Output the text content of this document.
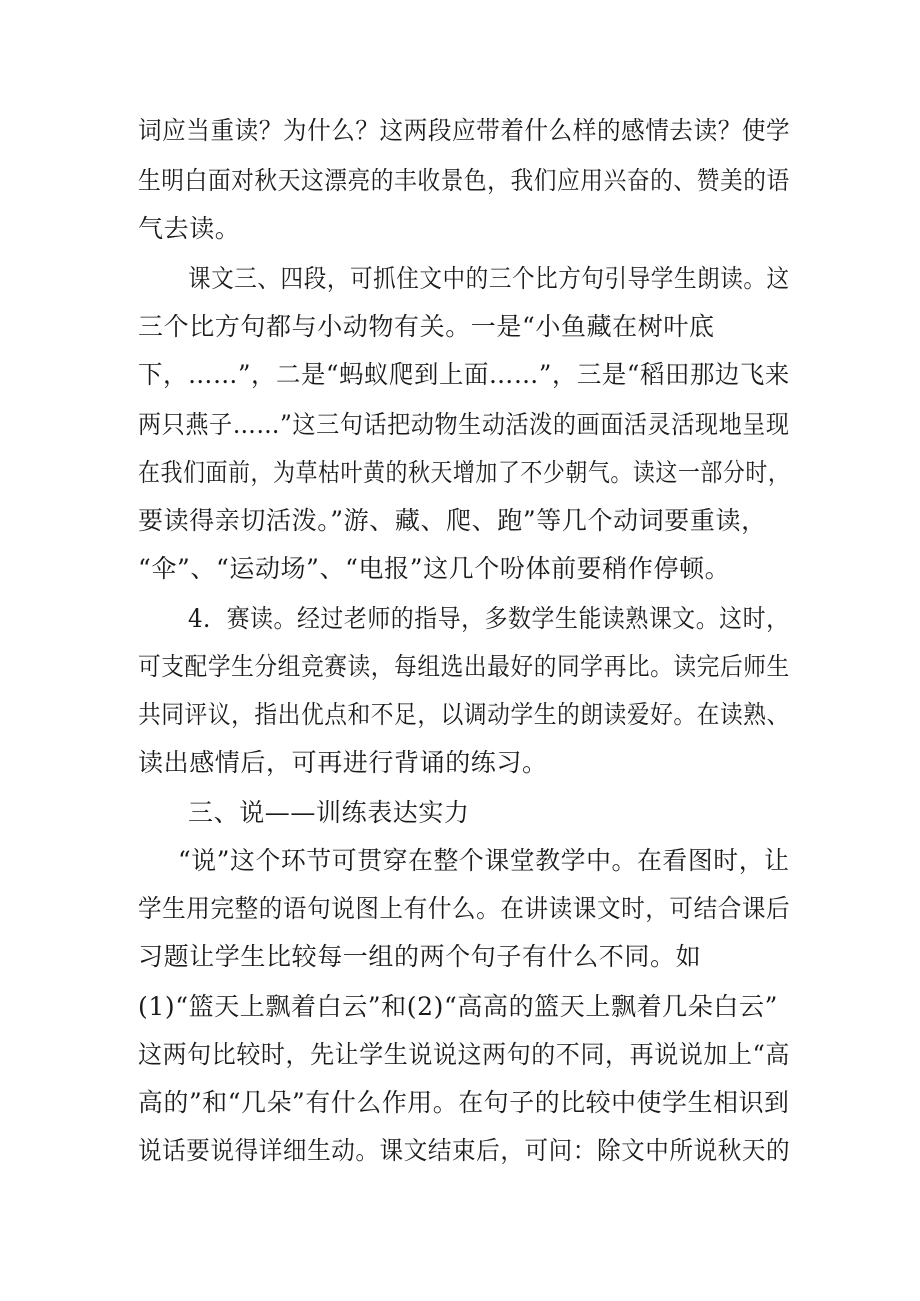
词应当重读？为什么？这两段应带着什么样的感情去读？使学
生明白面对秋天这漂亮的丰收景色，我们应用兴奋的、赞美的语
气去读。
课文三、四段，可抓住文中的三个比方句引导学生朗读。这
三个比方句都与小动物有关。一是“小鱼藏在树叶底
下，……”，二是“蚂蚁爬到上面……”，三是“稻田那边飞来
两只燕子……”这三句话把动物生动活泼的画面活灵活现地呈现
在我们面前，为草枯叶黄的秋天增加了不少朝气。读这一部分时，
要读得亲切活泼。”游、藏、爬、跑”等几个动词要重读，
“伞”、“运动场”、“电报”这几个吩体前要稍作停顿。
4．赛读。经过老师的指导，多数学生能读熟课文。这时，
可支配学生分组竞赛读，每组选出最好的同学再比。读完后师生
共同评议，指出优点和不足，以调动学生的朗读爱好。在读熟、
读出感情后，可再进行背诵的练习。
三、说——训练表达实力
“说”这个环节可贯穿在整个课堂教学中。在看图时，让
学生用完整的语句说图上有什么。在讲读课文时，可结合课后
习题让学生比较每一组的两个句子有什么不同。如
(1)“篮天上飘着白云”和(2)“高高的篮天上飘着几朵白云”
这两句比较时，先让学生说说这两句的不同，再说说加上“高
高的”和“几朵”有什么作用。在句子的比较中使学生相识到
说话要说得详细生动。课文结束后，可问：除文中所说秋天的
